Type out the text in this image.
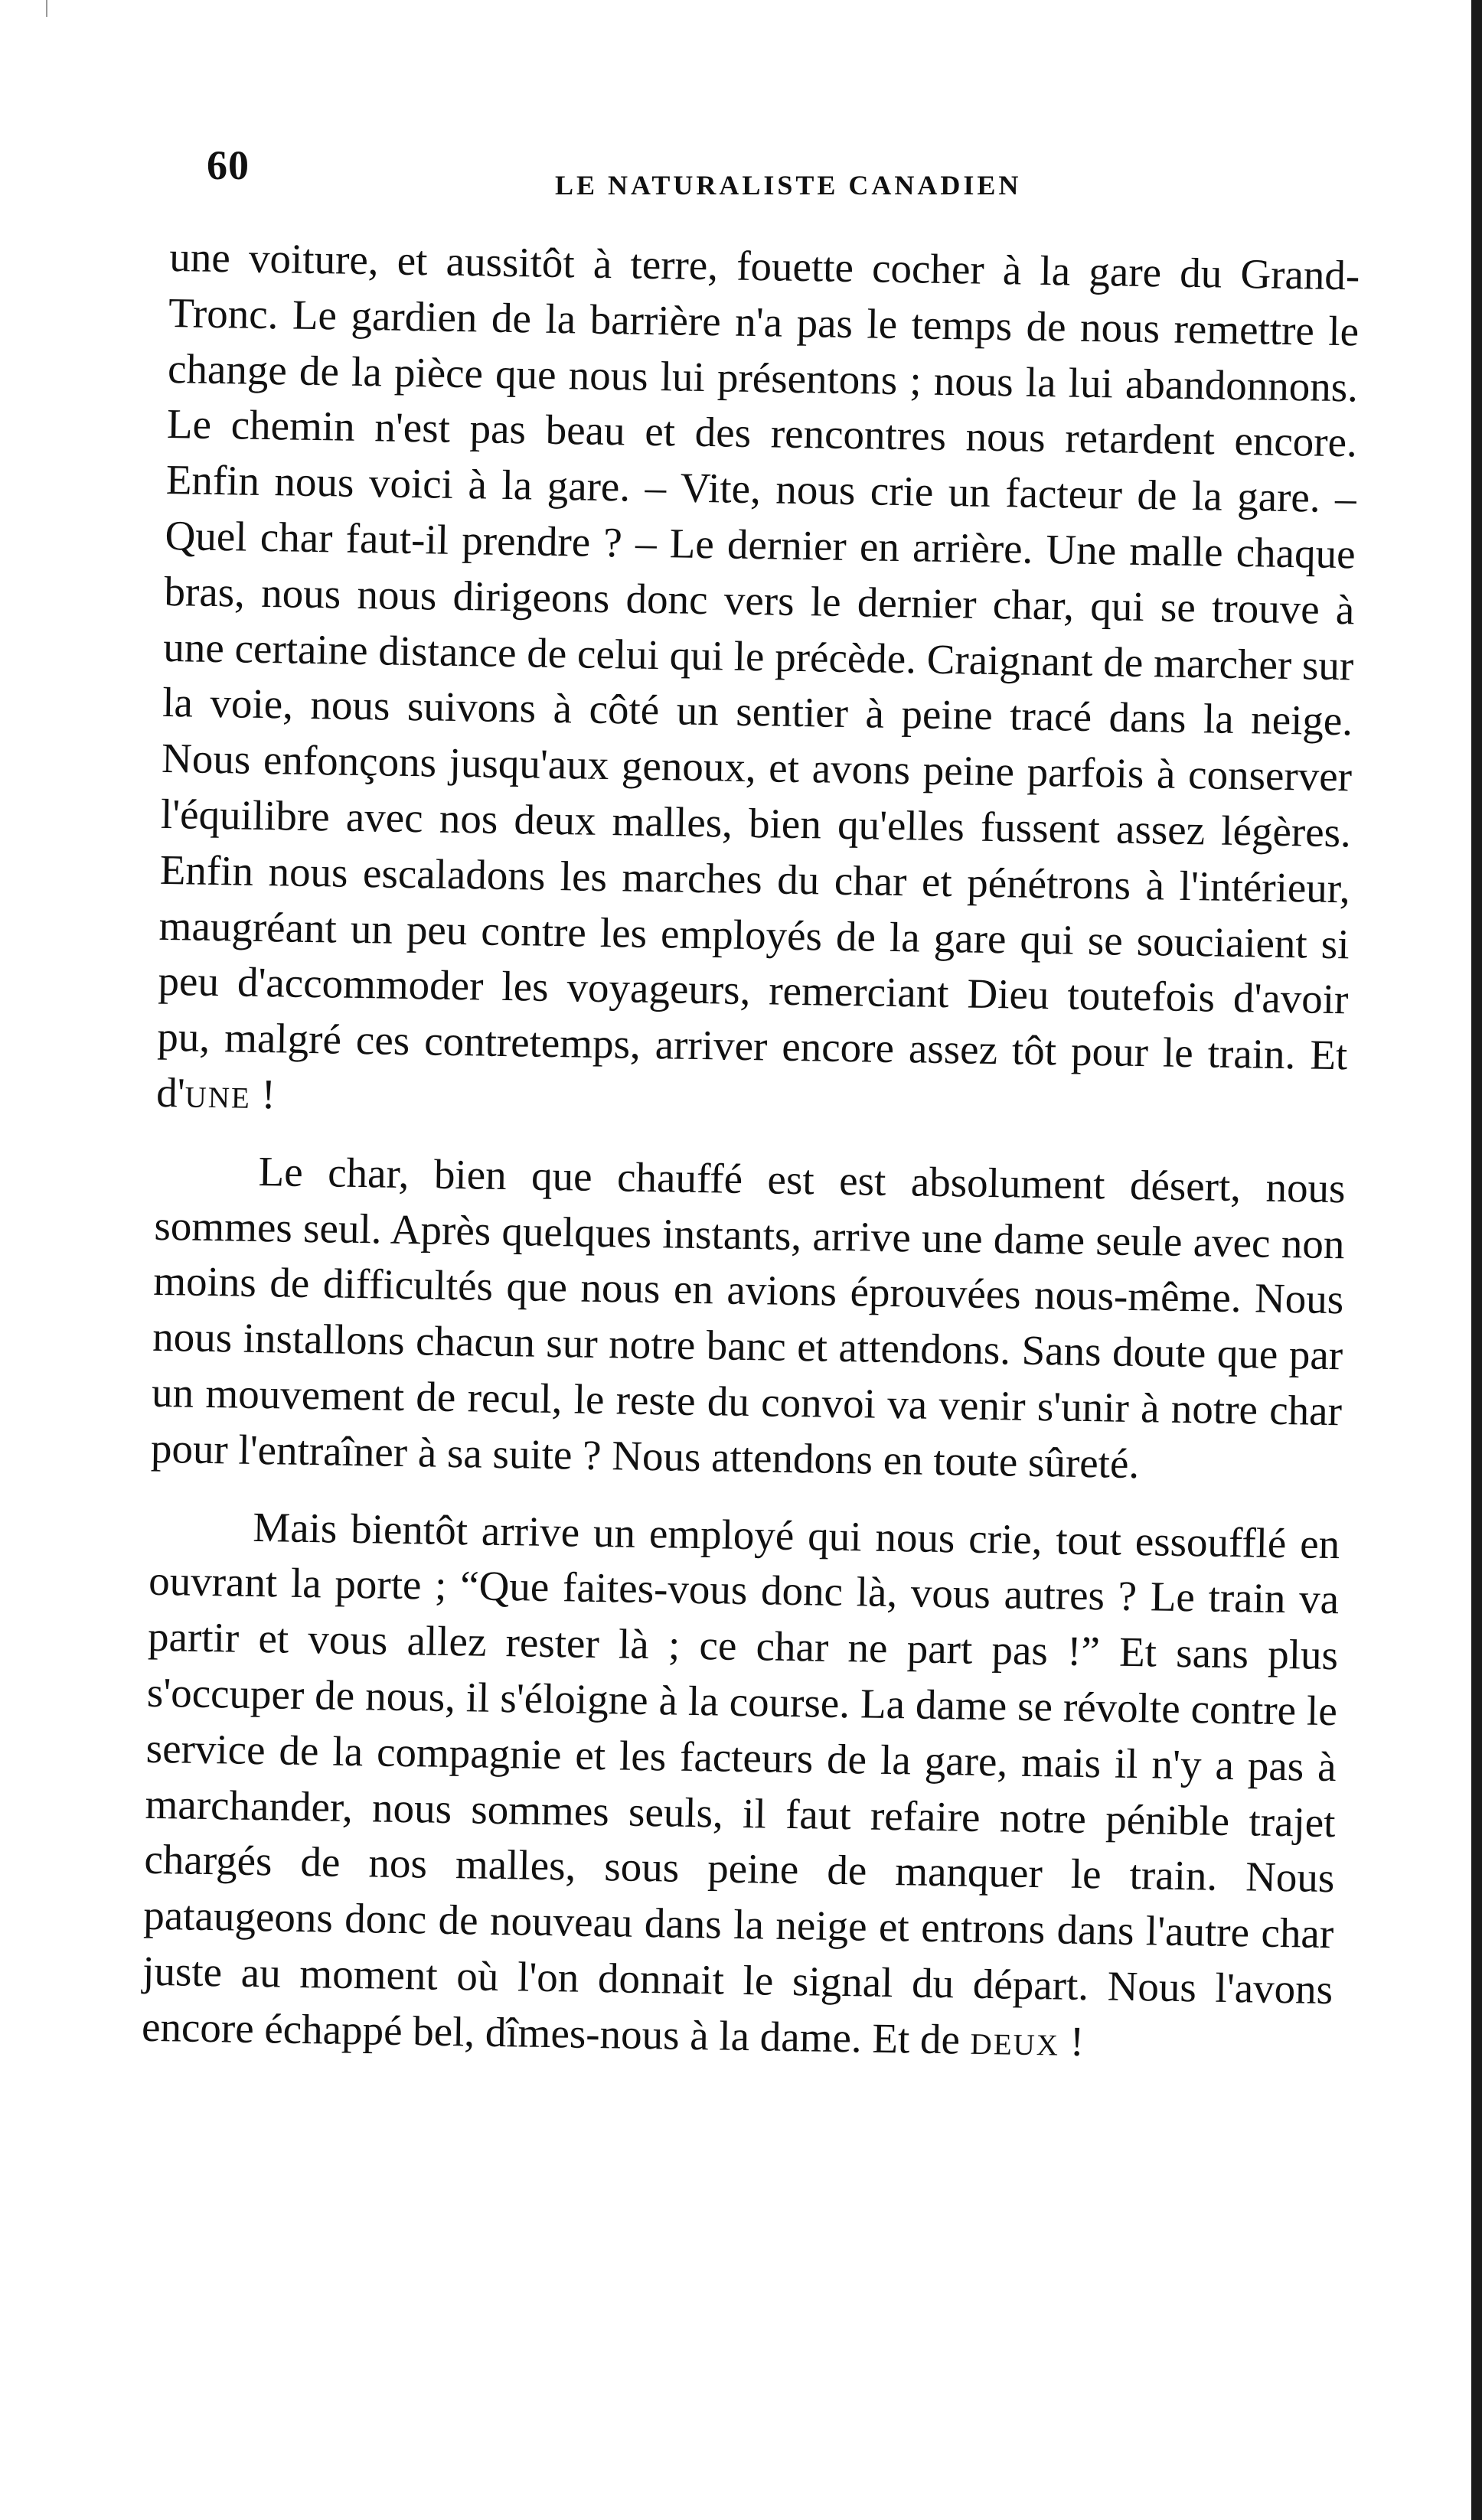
60	LE NATURALISTE CANADIEN

une voiture, et aussitôt à terre, fouette cocher à la gare du Grand-Tronc. Le gardien de la barrière n'a pas le temps de nous remettre le change de la pièce que nous lui présentons ; nous la lui abandonnons. Le chemin n'est pas beau et des rencontres nous retardent encore. Enfin nous voici à la gare. – Vite, nous crie un facteur de la gare. – Quel char faut-il prendre ? – Le dernier en arrière. Une malle chaque bras, nous nous dirigeons donc vers le dernier char, qui se trouve à une certaine distance de celui qui le précède. Craignant de marcher sur la voie, nous suivons à côté un sentier à peine tracé dans la neige. Nous enfonçons jusqu'aux genoux, et avons peine parfois à conserver l'équilibre avec nos deux malles, bien qu'elles fussent assez légères. Enfin nous escaladons les marches du char et pénétrons à l'intérieur, maugréant un peu contre les employés de la gare qui se souciaient si peu d'accommoder les voyageurs, remerciant Dieu toutefois d'avoir pu, malgré ces contretemps, arriver encore assez tôt pour le train. Et d'une !

Le char, bien que chauffé est est absolument désert, nous sommes seul. Après quelques instants, arrive une dame seule avec non moins de difficultés que nous en avions éprouvées nous-même. Nous nous installons chacun sur notre banc et attendons. Sans doute que par un mouvement de recul, le reste du convoi va venir s'unir à notre char pour l'entraîner à sa suite ? Nous attendons en toute sûreté.

Mais bientôt arrive un employé qui nous crie, tout essoufflé en ouvrant la porte ; “Que faites-vous donc là, vous autres ? Le train va partir et vous allez rester là ; ce char ne part pas !” Et sans plus s'occuper de nous, il s'éloigne à la course. La dame se révolte contre le service de la compagnie et les facteurs de la gare, mais il n'y a pas à marchander, nous sommes seuls, il faut refaire notre pénible trajet chargés de nos malles, sous peine de manquer le train. Nous pataugeons donc de nouveau dans la neige et entrons dans l'autre char juste au moment où l'on donnait le signal du départ. Nous l'avons encore échappé bel, dîmes-nous à la dame. Et de deux !
